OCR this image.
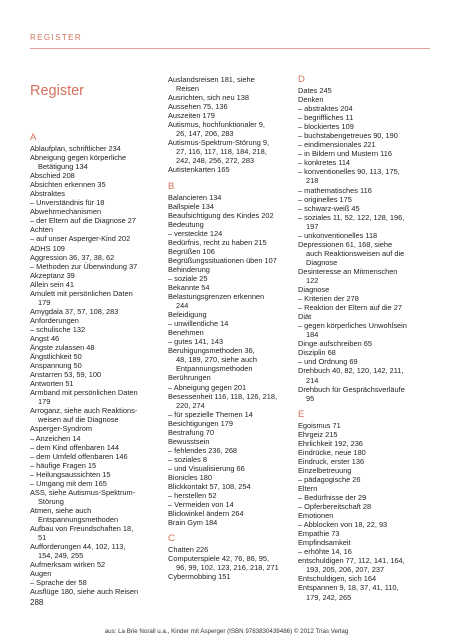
REGISTER
Register
A
Ablaufplan, schriftlicher 234
Abneigung gegen körperliche
Betätigung 134
Abschied 208
Absichten erkennen 35
Abstraktes
– Unverständnis für 18
Abwehrmechanismen
– der Eltern auf die Diagnose 27
Achten
– auf unser Asperger-Kind 202
ADHS 109
Aggression 36, 37, 38, 62
– Methoden zur Überwindung 37
Akzeptanz 39
Allein sein 41
Amulett mit persönlichen Daten
179
Amygdala 37, 57, 108, 283
Anforderungen
– schulische 132
Angst 46
Ängste zulassen 48
Ängstlichkeit 50
Anspannung 50
Anstarren 53, 59, 100
Antworten 51
Armband mit persönlichen Daten
179
Arroganz, siehe auch Reaktions-
weisen auf die Diagnose
Asperger-Syndrom
– Anzeichen 14
– dem Kind offenbaren 144
– dem Umfeld offenbaren 146
– häufige Fragen 15
– Heilungsaussichten 15
– Umgang mit dem 165
ASS, siehe Autismus-Spektrum-
Störung
Atmen, siehe auch
Entspannungsmethoden
Aufbau von Freundschaften 18,
51
Aufforderungen 44, 102, 113,
154, 249, 255
Aufmerksam wirken 52
Augen
– Sprache der 58
Ausflüge 180, siehe auch Reisen
Auslandsreisen 181, siehe
Reisen
Ausrichten, sich neu 138
Aussehen 75, 136
Auszeiten 179
Autismus, hochfunktionaler 9,
26, 147, 206, 283
Autismus-Spektrum-Störung 9,
27, 116, 117, 118, 184, 218,
242, 248, 256, 272, 283
Autistenkarten 165
B
Balancieren 134
Ballspiele 134
Beaufsichtigung des Kindes 202
Bedeutung
– versteckte 124
Bedürfnis, recht zu haben 215
Begrüßen 106
Begrüßungssituationen üben 107
Behinderung
– soziale 25
Bekannte 54
Belastungsgrenzen erkennen
244
Beleidigung
– unwillentliche 14
Benehmen
– gutes 141, 143
Beruhigungsmethoden 36,
48, 189, 270, siehe auch
Entpannungsmethoden
Berührungen
– Abneigung gegen 201
Besessenheit 116, 118, 126, 218,
220, 274
– für spezielle Themen 14
Besichtigungen 179
Bestrafung 70
Bewusstsein
– fehlendes 236, 268
– soziales 8
– und Visualisierung 66
Bionicles 180
Blickkontakt 57, 108, 254
– herstellen 52
– Vermeiden von 14
Blickwinkel ändern 264
Brain Gym 184
C
Chatten 226
Computerspiele 42, 76, 86, 95,
96, 99, 102, 123, 216, 218, 271
Cybermobbing 151
D
Dates 245
Denken
– abstraktes 204
– begriffliches 11
– blockiertes 109
– buchstabengetreues 90, 190
– eindimensionales 221
– in Bildern und Mustern 116
– konkretes 114
– konventionelles 90, 113, 175,
218
– mathematisches 116
– originelles 175
– schwarz-weiß 45
– soziales 11, 52, 122, 128, 196,
197
– unkonventionelles 118
Depressionen 61, 168, siehe
auch Reaktionsweisen auf die
Diagnose
Desinteresse an Mitmenschen
122
Diagnose
– Kriterien der 278
– Reaktion der Eltern auf die 27
Diät
– gegen körperliches Unwohlsein
184
Dinge aufschreiben 65
Disziplin 68
– und Ordnung 69
Drehbuch 40, 82, 120, 142, 211,
214
Drehbuch für Gesprächsverläufe
95
E
Egoismus 71
Ehrgeiz 215
Ehrlichkeit 192, 236
Eindrücke, neue 180
Eindruck, erster 136
Einzelbetreuung
– pädagogische 26
Eltern
– Bedürfnisse der 29
– Opferbereitschaft 28
Emotionen
– Abblocken von 18, 22, 93
Empathie 73
Empfindsamkeit
– erhöhte 14, 16
entschuldigen 77, 112, 141, 164,
193, 205, 206, 207, 237
Entschuldigen, sich 164
Entspannen 9, 18, 37, 41, 110,
179, 242, 265
288
aus: La Brie Norall u.a., Kinder mit Asperger (ISBN 9783830439486) © 2012 Trias Verlag
